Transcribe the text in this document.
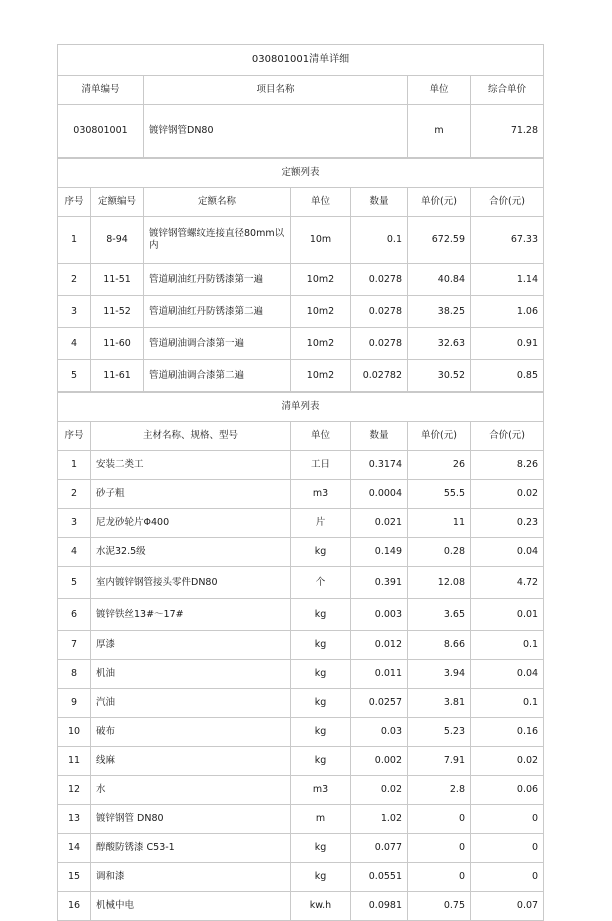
030801001清单详细			
清单编号	项目名称	单位	综合单价
030801001	镀锌钢管DN80	m	71.28
定额列表						
序号	定额编号	定额名称	单位	数量	单价(元)	合价(元)
1	8-94	镀锌钢管螺纹连接直径80mm以内	10m	0.1	672.59	67.33
2	11-51	管道刷油红丹防锈漆第一遍	10m2	0.0278	40.84	1.14
3	11-52	管道刷油红丹防锈漆第二遍	10m2	0.0278	38.25	1.06
4	11-60	管道刷油调合漆第一遍	10m2	0.0278	32.63	0.91
5	11-61	管道刷油调合漆第二遍	10m2	0.02782	30.52	0.85
清单列表					
序号	主材名称、规格、型号	单位	数量	单价(元)	合价(元)
1	安装二类工	工日	0.3174	26	8.26
2	砂子粗	m3	0.0004	55.5	0.02
3	尼龙砂轮片Φ400	片	0.021	11	0.23
4	水泥32.5级	kg	0.149	0.28	0.04
5	室内镀锌钢管接头零件DN80	个	0.391	12.08	4.72
6	镀锌铁丝13#～17#	kg	0.003	3.65	0.01
7	厚漆	kg	0.012	8.66	0.1
8	机油	kg	0.011	3.94	0.04
9	汽油	kg	0.0257	3.81	0.1
10	破布	kg	0.03	5.23	0.16
11	线麻	kg	0.002	7.91	0.02
12	水	m3	0.02	2.8	0.06
13	镀锌钢管 DN80	m	1.02	0	0
14	醇酸防锈漆 C53-1	kg	0.077	0	0
15	调和漆	kg	0.0551	0	0
16	机械中电	kw.h	0.0981	0.75	0.07
